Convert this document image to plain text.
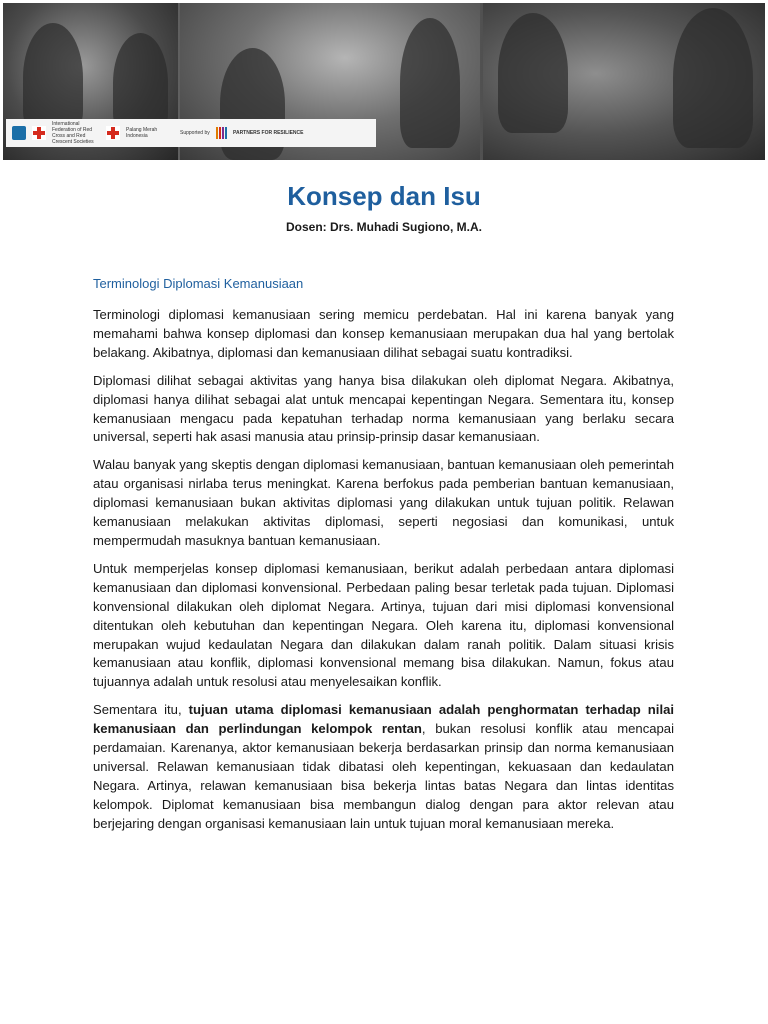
International Federation of Red Cross and Red Crescent Societies
Palang Merah Indonesia	Supported by	PARTNERS FOR RESILIENCE
Konsep dan Isu

Dosen: Drs. Muhadi Sugiono, M.A.

Terminologi Diplomasi Kemanusiaan

Terminologi diplomasi kemanusiaan sering memicu perdebatan. Hal ini karena banyak yang memahami bahwa konsep diplomasi dan konsep kemanusiaan merupakan dua hal yang bertolak belakang. Akibatnya, diplomasi dan kemanusiaan dilihat sebagai suatu kontradiksi.

Diplomasi dilihat sebagai aktivitas yang hanya bisa dilakukan oleh diplomat Negara. Akibatnya, diplomasi hanya dilihat sebagai alat untuk mencapai kepentingan Negara. Sementara itu, konsep kemanusiaan mengacu pada kepatuhan terhadap norma kemanusiaan yang berlaku secara universal, seperti hak asasi manusia atau prinsip-prinsip dasar kemanusiaan.

Walau banyak yang skeptis dengan diplomasi kemanusiaan, bantuan kemanusiaan oleh pemerintah atau organisasi nirlaba terus meningkat. Karena berfokus pada pemberian bantuan kemanusiaan, diplomasi kemanusiaan bukan aktivitas diplomasi yang dilakukan untuk tujuan politik. Relawan kemanusiaan melakukan aktivitas diplomasi, seperti negosiasi dan komunikasi, untuk mempermudah masuknya bantuan kemanusiaan.

Untuk memperjelas konsep diplomasi kemanusiaan, berikut adalah perbedaan antara diplomasi kemanusiaan dan diplomasi konvensional. Perbedaan paling besar terletak pada tujuan. Diplomasi konvensional dilakukan oleh diplomat Negara. Artinya, tujuan dari misi diplomasi konvensional ditentukan oleh kebutuhan dan kepentingan Negara. Oleh karena itu, diplomasi konvensional merupakan wujud kedaulatan Negara dan dilakukan dalam ranah politik. Dalam situasi krisis kemanusiaan atau konflik, diplomasi konvensional memang bisa dilakukan. Namun, fokus atau tujuannya adalah untuk resolusi atau menyelesaikan konflik.

Sementara itu, tujuan utama diplomasi kemanusiaan adalah penghormatan terhadap nilai kemanusiaan dan perlindungan kelompok rentan, bukan resolusi konflik atau mencapai perdamaian. Karenanya, aktor kemanusiaan bekerja berdasarkan prinsip dan norma kemanusiaan universal. Relawan kemanusiaan tidak dibatasi oleh kepentingan, kekuasaan dan kedaulatan Negara. Artinya, relawan kemanusiaan bisa bekerja lintas batas Negara dan lintas identitas kelompok. Diplomat kemanusiaan bisa membangun dialog dengan para aktor relevan atau berjejaring dengan organisasi kemanusiaan lain untuk tujuan moral kemanusiaan mereka.
